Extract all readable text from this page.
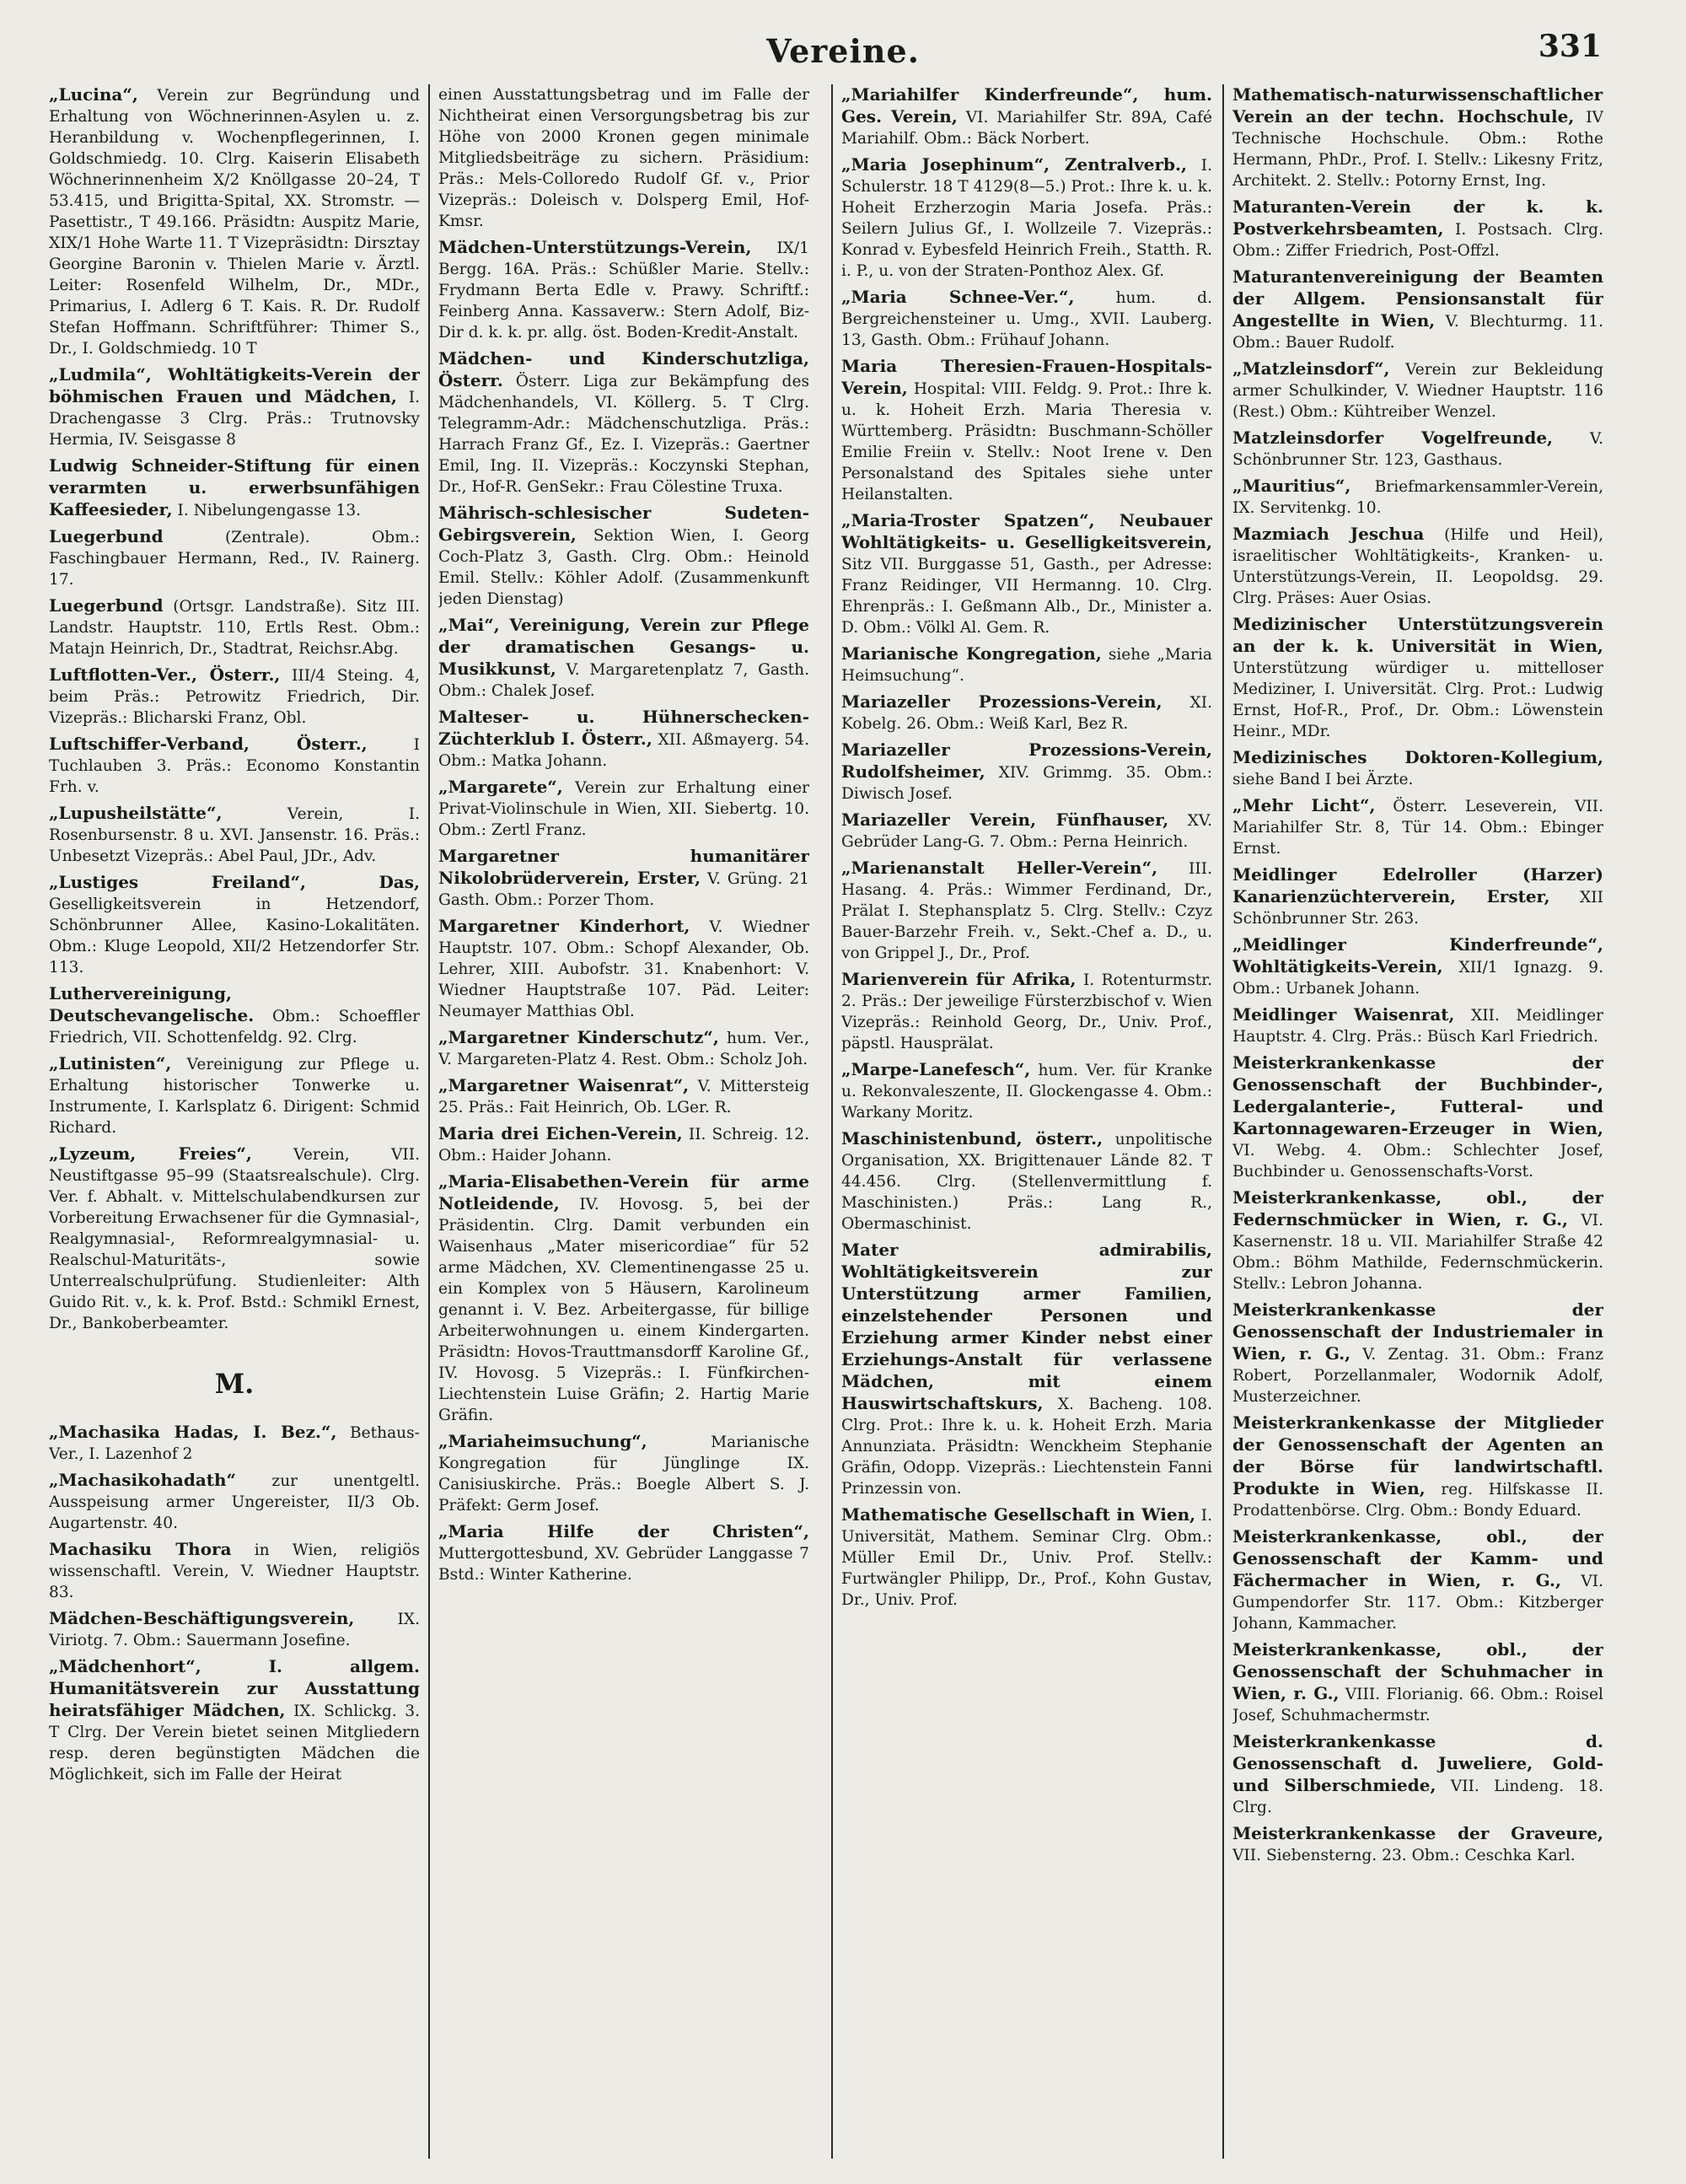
Vereine.	331
„Lucina“, Verein zur Begründung und Erhaltung von Wöchnerinnen-Asylen u. z. Heranbildung v. Wochenpflegerinnen, I. Goldschmiedg. 10. Clrg. Kaiserin Elisabeth Wöchnerinnenheim X/2 Knöllgasse 20–24, T 53.415, und Brigitta-Spital, XX. Stromstr. — Pasettistr., T 49.166. Präsidtn: Auspitz Marie, XIX/1 Hohe Warte 11. T Vizepräsidtn: Dirsztay Georgine Baronin v. Thielen Marie v. Ärztl. Leiter: Rosenfeld Wilhelm, Dr., MDr., Primarius, I. Adlerg 6 T. Kais. R. Dr. Rudolf Stefan Hoffmann. Schriftführer: Thimer S., Dr., I. Goldschmiedg. 10 T
„Ludmila“, Wohltätigkeits-Verein der böhmischen Frauen und Mädchen, I. Drachengasse 3 Clrg. Präs.: Trutnovsky Hermia, IV. Seisgasse 8
Ludwig Schneider-Stiftung für einen verarmten u. erwerbsunfähigen Kaffeesieder, I. Nibelungengasse 13.
Luegerbund	(Zentrale). Obm.: Faschingbauer Hermann, Red., IV. Rainerg. 17.
Luegerbund (Ortsgr. Landstraße). Sitz III. Landstr. Hauptstr. 110, Ertls Rest. Obm.: Matajn Heinrich, Dr., Stadtrat, Reichsr.Abg.
Luftflotten-Ver., Österr., III/4 Steing. 4, beim Präs.: Petrowitz Friedrich, Dir. Vizepräs.: Blicharski Franz, Obl.
Luftschiffer-Verband, Österr.,	I Tuchlauben 3. Präs.: Economo Konstantin Frh. v.
„Lupusheilstätte“,	Verein, I. Rosenbursenstr. 8 u. XVI. Jansenstr. 16. Präs.: Unbesetzt Vizepräs.: Abel Paul, JDr., Adv.
„Lustiges Freiland“, Das, Geselligkeitsverein in Hetzendorf, Schönbrunner Allee, Kasino-Lokalitäten. Obm.: Kluge Leopold, XII/2 Hetzendorfer Str. 113.
Luthervereinigung, Deutschevangelische. Obm.: Schoeffler Friedrich, VII. Schottenfeldg. 92. Clrg.
„Lutinisten“, Vereinigung zur Pflege u. Erhaltung historischer Tonwerke u. Instrumente, I. Karlsplatz 6. Dirigent: Schmid Richard.
„Lyzeum, Freies“,	Verein, VII. Neustiftgasse 95–99 (Staatsrealschule). Clrg. Ver. f. Abhalt. v. Mittelschulabendkursen zur Vorbereitung Erwachsener für die Gymnasial-, Realgymnasial-, Reformrealgymnasial- u. Realschul-Maturitäts-, sowie Unterrealschulprüfung. Studienleiter: Alth Guido Rit. v., k. k. Prof. Bstd.: Schmikl Ernest, Dr., Bankoberbeamter.
M.
„Machasika Hadas, I. Bez.“, Bethaus-Ver., I. Lazenhof 2
„Machasikohadath“ zur unentgeltl. Ausspeisung armer Ungereister, II/3 Ob. Augartenstr. 40.
Machasiku Thora in Wien, religiös wissenschaftl. Verein, V. Wiedner Hauptstr. 83.
Mädchen-Beschäftigungsverein,	IX. Viriotg. 7. Obm.: Sauermann Josefine.
„Mädchenhort“, I. allgem. Humanitätsverein zur Ausstattung heiratsfähiger Mädchen, IX. Schlickg. 3. T Clrg. Der Verein bietet seinen Mitgliedern resp. deren begünstigten Mädchen die Möglichkeit, sich im Falle der Heirat
einen Ausstattungsbetrag und im Falle der Nichtheirat einen Versorgungsbetrag bis zur Höhe von 2000 Kronen gegen minimale Mitgliedsbeiträge zu sichern. Präsidium: Präs.: Mels-Colloredo Rudolf Gf. v., Prior Vizepräs.: Doleisch v. Dolsperg Emil, Hof-Kmsr.
Mädchen-Unterstützungs-Verein, IX/1 Bergg. 16A. Präs.: Schüßler Marie. Stellv.: Frydmann Berta Edle v. Prawy. Schriftf.: Feinberg Anna. Kassaverw.: Stern Adolf, Biz-Dir d. k. k. pr. allg. öst. Boden-Kredit-Anstalt.
Mädchen- und Kinderschutzliga, Österr. Österr. Liga zur Bekämpfung des Mädchenhandels, VI. Köllerg. 5. T Clrg. Telegramm-Adr.: Mädchenschutzliga. Präs.: Harrach Franz Gf., Ez. I. Vizepräs.: Gaertner Emil, Ing. II. Vizepräs.: Koczynski Stephan, Dr., Hof-R. GenSekr.: Frau Cölestine Truxa.
Mährisch-schlesischer Sudeten-Gebirgsverein, Sektion Wien, I. Georg Coch-Platz 3, Gasth. Clrg. Obm.: Heinold Emil. Stellv.: Köhler Adolf. (Zusammenkunft jeden Dienstag)
„Mai“, Vereinigung, Verein zur Pflege der dramatischen Gesangs- u. Musikkunst, V. Margaretenplatz 7, Gasth. Obm.: Chalek Josef.
Malteser- u. Hühnerschecken-Züchterklub I. Österr., XII. Aßmayerg. 54. Obm.: Matka Johann.
„Margarete“, Verein zur Erhaltung einer Privat-Violinschule in Wien, XII. Siebertg. 10. Obm.: Zertl Franz.
Margaretner humanitärer Nikolobrüderverein, Erster, V. Grüng. 21 Gasth. Obm.: Porzer Thom.
Margaretner Kinderhort, V. Wiedner Hauptstr. 107. Obm.: Schopf Alexander, Ob. Lehrer, XIII. Aubofstr. 31. Knabenhort: V. Wiedner Hauptstraße 107. Päd. Leiter: Neumayer Matthias Obl.
„Margaretner Kinderschutz“, hum. Ver., V. Margareten-Platz 4. Rest. Obm.: Scholz Joh.
„Margaretner Waisenrat“, V. Mittersteig 25. Präs.: Fait Heinrich, Ob. LGer. R.
Maria drei Eichen-Verein, II. Schreig. 12. Obm.: Haider Johann.
„Maria-Elisabethen-Verein für arme Notleidende, IV. Hovosg. 5, bei der Präsidentin. Clrg. Damit verbunden ein Waisenhaus „Mater misericordiae“ für 52 arme Mädchen, XV. Clementinengasse 25 u. ein Komplex von 5 Häusern, Karolineum genannt i. V. Bez. Arbeitergasse, für billige Arbeiterwohnungen u. einem Kindergarten. Präsidtn: Hovos-Trauttmansdorff Karoline Gf., IV. Hovosg. 5 Vizepräs.: I. Fünfkirchen-Liechtenstein Luise Gräfin; 2. Hartig Marie Gräfin.
„Mariaheimsuchung“,	Marianische Kongregation für Jünglinge IX. Canisiuskirche. Präs.: Boegle Albert S. J. Präfekt: Germ Josef.
„Maria Hilfe der Christen“, Muttergottesbund, XV. Gebrüder Langgasse 7 Bstd.: Winter Katherine.
„Mariahilfer Kinderfreunde“, hum. Ges. Verein, VI. Mariahilfer Str. 89A, Café Mariahilf. Obm.: Bäck Norbert.
„Maria Josephinum“, Zentralverb., I. Schulerstr. 18 T 4129(8—5.) Prot.: Ihre k. u. k. Hoheit Erzherzogin Maria Josefa. Präs.: Seilern Julius Gf., I. Wollzeile 7. Vizepräs.: Konrad v. Eybesfeld Heinrich Freih., Statth. R. i. P., u. von der Straten-Ponthoz Alex. Gf.
„Maria Schnee-Ver.“,	hum. d. Bergreichensteiner u. Umg., XVII. Lauberg. 13, Gasth. Obm.: Frühauf Johann.
Maria Theresien-Frauen-Hospitals-Verein, Hospital: VIII. Feldg. 9. Prot.: Ihre k. u. k. Hoheit Erzh. Maria Theresia v. Württemberg. Präsidtn: Buschmann-Schöller Emilie Freiin v. Stellv.: Noot Irene v. Den Personalstand des Spitales siehe unter Heilanstalten.
„Maria-Troster Spatzen“, Neubauer Wohltätigkeits- u. Geselligkeitsverein, Sitz VII. Burggasse 51, Gasth., per Adresse: Franz Reidinger, VII Hermanng. 10. Clrg. Ehrenpräs.: I. Geßmann Alb., Dr., Minister a. D. Obm.: Völkl Al. Gem. R.
Marianische Kongregation, siehe „Maria Heimsuchung“.
Mariazeller Prozessions-Verein, XI. Kobelg. 26. Obm.: Weiß Karl, Bez R.
Mariazeller Prozessions-Verein, Rudolfsheimer, XIV. Grimmg. 35. Obm.: Diwisch Josef.
Mariazeller Verein, Fünfhauser, XV. Gebrüder Lang-G. 7. Obm.: Perna Heinrich.
„Marienanstalt Heller-Verein“, III. Hasang. 4. Präs.: Wimmer Ferdinand, Dr., Prälat I. Stephansplatz 5. Clrg. Stellv.: Czyz Bauer-Barzehr Freih. v., Sekt.-Chef a. D., u. von Grippel J., Dr., Prof.
Marienverein für Afrika, I. Rotenturmstr. 2. Präs.: Der jeweilige Fürsterzbischof v. Wien Vizepräs.: Reinhold Georg, Dr., Univ. Prof., päpstl. Hausprälat.
„Marpe-Lanefesch“, hum. Ver. für Kranke u. Rekonvaleszente, II. Glockengasse 4. Obm.: Warkany Moritz.
Maschinistenbund, österr., unpolitische Organisation, XX. Brigittenauer Lände 82. T 44.456. Clrg. (Stellenvermittlung f. Maschinisten.) Präs.: Lang R., Obermaschinist.
Mater admirabilis, Wohltätigkeitsverein zur Unterstützung armer Familien, einzelstehender Personen und Erziehung armer Kinder nebst einer Erziehungs-Anstalt für verlassene Mädchen, mit einem Hauswirtschaftskurs, X. Bacheng. 108. Clrg. Prot.: Ihre k. u. k. Hoheit Erzh. Maria Annunziata. Präsidtn: Wenckheim Stephanie Gräfin, Odopp. Vizepräs.: Liechtenstein Fanni Prinzessin von.
Mathematische Gesellschaft in Wien, I. Universität, Mathem. Seminar Clrg. Obm.: Müller Emil Dr., Univ. Prof. Stellv.: Furtwängler Philipp, Dr., Prof., Kohn Gustav, Dr., Univ. Prof.
Mathematisch-naturwissenschaftlicher Verein an der techn. Hochschule, IV Technische Hochschule. Obm.: Rothe Hermann, PhDr., Prof. I. Stellv.: Likesny Fritz, Architekt. 2. Stellv.: Potorny Ernst, Ing.
Maturanten-Verein der k. k. Postverkehrsbeamten, I. Postsach. Clrg. Obm.: Ziffer Friedrich, Post-Offzl.
Maturantenvereinigung der Beamten der Allgem. Pensionsanstalt für Angestellte in Wien, V. Blechturmg. 11. Obm.: Bauer Rudolf.
„Matzleinsdorf“, Verein zur Bekleidung armer Schulkinder, V. Wiedner Hauptstr. 116 (Rest.) Obm.: Kühtreiber Wenzel.
Matzleinsdorfer Vogelfreunde, V. Schönbrunner Str. 123, Gasthaus.
„Mauritius“, Briefmarkensammler-Verein, IX. Servitenkg. 10.
Mazmiach Jeschua (Hilfe und Heil), israelitischer Wohltätigkeits-, Kranken- u. Unterstützungs-Verein, II. Leopoldsg. 29. Clrg. Präses: Auer Osias.
Medizinischer Unterstützungsverein an der k. k. Universität in Wien, Unterstützung würdiger u. mittelloser Mediziner, I. Universität. Clrg. Prot.: Ludwig Ernst, Hof-R., Prof., Dr. Obm.: Löwenstein Heinr., MDr.
Medizinisches Doktoren-Kollegium, siehe Band I bei Ärzte.
„Mehr Licht“, Österr. Leseverein, VII. Mariahilfer Str. 8, Tür 14. Obm.: Ebinger Ernst.
Meidlinger Edelroller (Harzer) Kanarienzüchterverein, Erster, XII Schönbrunner Str. 263.
„Meidlinger Kinderfreunde“, Wohltätigkeits-Verein, XII/1 Ignazg. 9. Obm.: Urbanek Johann.
Meidlinger Waisenrat, XII. Meidlinger Hauptstr. 4. Clrg. Präs.: Büsch Karl Friedrich.
Meisterkrankenkasse der Genossenschaft der Buchbinder-, Ledergalanterie-, Futteral- und Kartonnagewaren-Erzeuger in Wien, VI. Webg. 4. Obm.: Schlechter Josef, Buchbinder u. Genossenschafts-Vorst.
Meisterkrankenkasse, obl., der Federnschmücker in Wien, r. G., VI. Kasernenstr. 18 u. VII. Mariahilfer Straße 42 Obm.: Böhm Mathilde, Federnschmückerin. Stellv.: Lebron Johanna.
Meisterkrankenkasse der Genossenschaft der Industriemaler in Wien, r. G., V. Zentag. 31. Obm.: Franz Robert, Porzellanmaler, Wodornik Adolf, Musterzeichner.
Meisterkrankenkasse der Mitglieder der Genossenschaft der Agenten an der Börse für landwirtschaftl. Produkte in Wien, reg. Hilfskasse II. Prodattenbörse. Clrg. Obm.: Bondy Eduard.
Meisterkrankenkasse, obl., der Genossenschaft der Kamm- und Fächermacher in Wien, r. G., VI. Gumpendorfer Str. 117. Obm.: Kitzberger Johann, Kammacher.
Meisterkrankenkasse, obl., der Genossenschaft der Schuhmacher in Wien, r. G., VIII. Florianig. 66. Obm.: Roisel Josef, Schuhmachermstr.
Meisterkrankenkasse d. Genossenschaft d. Juweliere, Gold- und Silberschmiede, VII. Lindeng. 18. Clrg.
Meisterkrankenkasse der Graveure, VII. Siebensterng. 23. Obm.: Ceschka Karl.
